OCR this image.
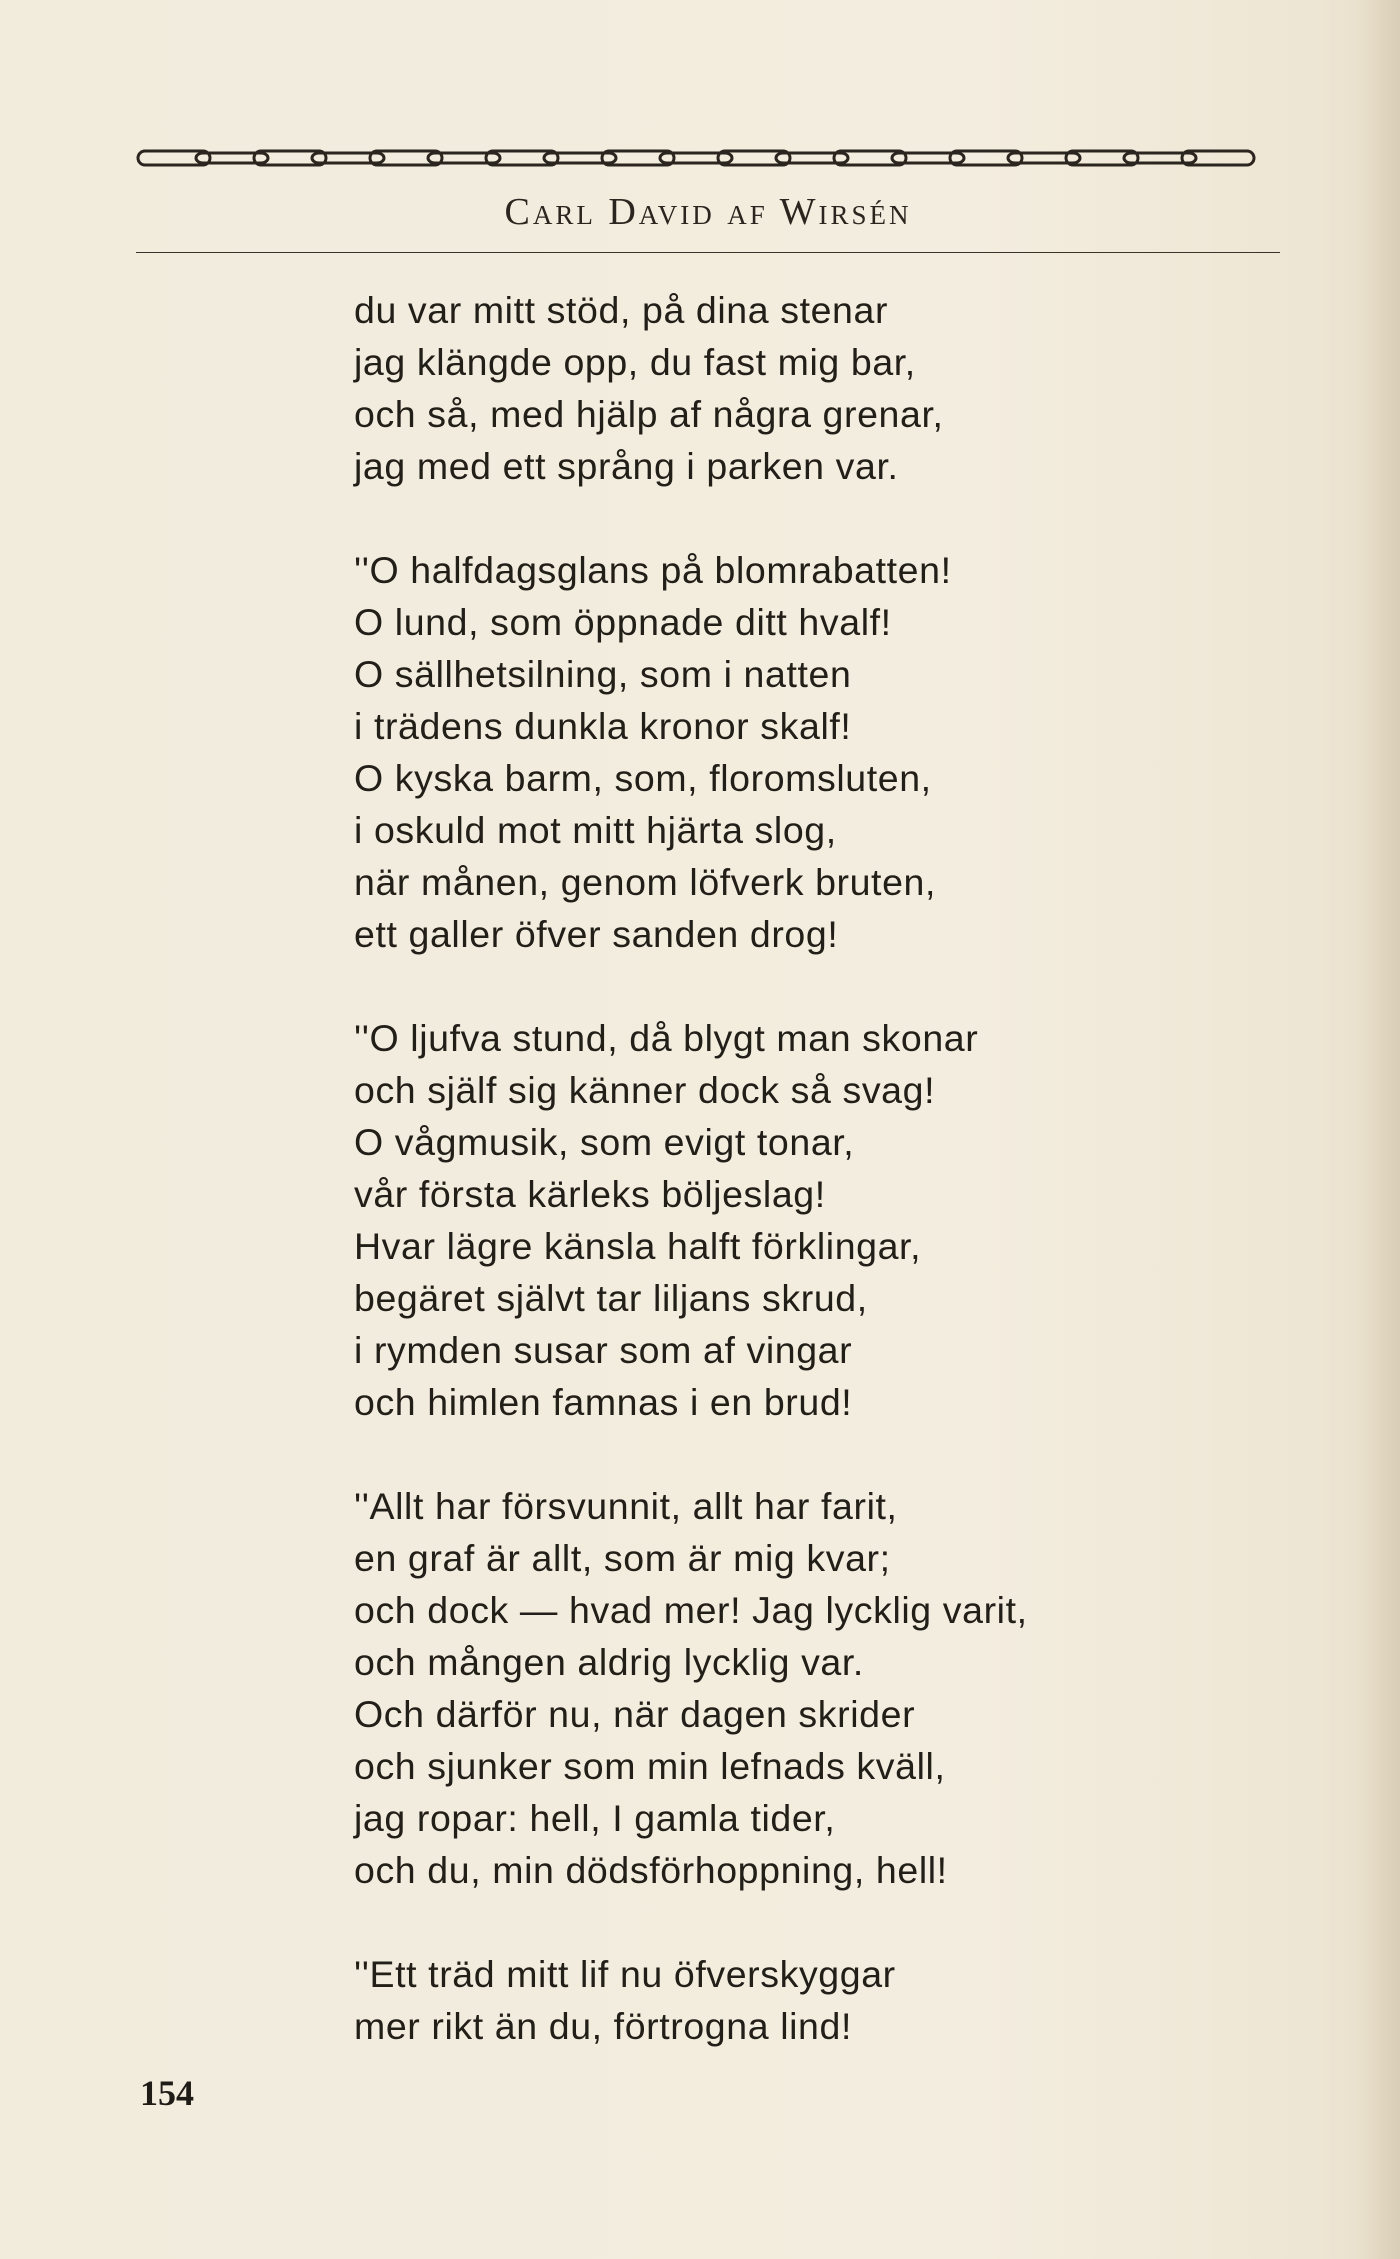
Carl David af Wirsén
du var mitt stöd, på dina stenar
jag klängde opp, du fast mig bar,
och så, med hjälp af några grenar,
jag med ett språng i parken var.
''O halfdagsglans på blomrabatten!
O lund, som öppnade ditt hvalf!
O sällhetsilning, som i natten
i trädens dunkla kronor skalf!
O kyska barm, som, floromsluten,
i oskuld mot mitt hjärta slog,
när månen, genom löfverk bruten,
ett galler öfver sanden drog!
''O ljufva stund, då blygt man skonar
och själf sig känner dock så svag!
O vågmusik, som evigt tonar,
vår första kärleks böljeslag!
Hvar lägre känsla halft förklingar,
begäret självt tar liljans skrud,
i rymden susar som af vingar
och himlen famnas i en brud!
''Allt har försvunnit, allt har farit,
en graf är allt, som är mig kvar;
och dock — hvad mer! Jag lycklig varit,
och mången aldrig lycklig var.
Och därför nu, när dagen skrider
och sjunker som min lefnads kväll,
jag ropar: hell, I gamla tider,
och du, min dödsförhoppning, hell!
''Ett träd mitt lif nu öfverskyggar
mer rikt än du, förtrogna lind!
154
